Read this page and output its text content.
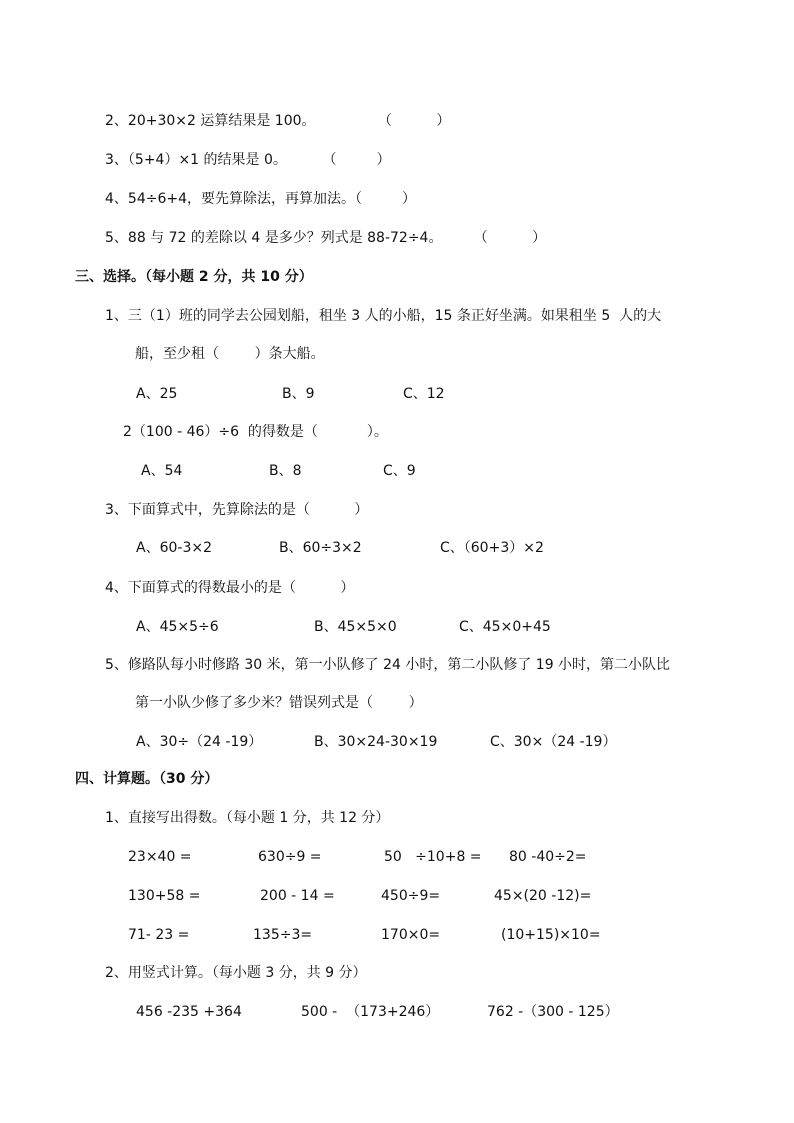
2、20+30×2 运算结果是 100。              （          ）
3、（5+4）×1 的结果是 0。        （         ）
4、54÷6+4，要先算除法，再算加法。（         ）
5、88 与 72 的差除以 4 是多少？列式是 88-72÷4。       （          ）
三、选择。（每小题 2 分，共 10 分）
1、三（1）班的同学去公园划船，租坐 3 人的小船，15 条正好坐满。如果租坐 5  人的大
船，至少租（        ）条大船。
A、25	B、9	C、12
2（100 - 46）÷6  的得数是（           ）。
A、54	B、8	C、9
3、下面算式中，先算除法的是（          ）
A、60-3×2	B、60÷3×2	C、（60+3）×2
4、下面算式的得数最小的是（          ）
A、45×5÷6	B、45×5×0	C、45×0+45
5、修路队每小时修路 30 米，第一小队修了 24 小时，第二小队修了 19 小时，第二小队比
第一小队少修了多少米？错误列式是（        ）
A、30÷（24 -19）	B、30×24-30×19	C、30×（24 -19）
四、计算题。（30 分）
1、直接写出得数。（每小题 1 分，共 12 分）
23×40 =	630÷9 =	50   ÷10+8 = 80 -40÷2=
130+58 =	200 - 14 =	450÷9=	45×(20 -12)=
71- 23 =	135÷3=	170×0=	(10+15)×10=
2、用竖式计算。（每小题 3 分，共 9 分）
456 -235 +364	500 -  （173+246）	762 -（300 - 125）
